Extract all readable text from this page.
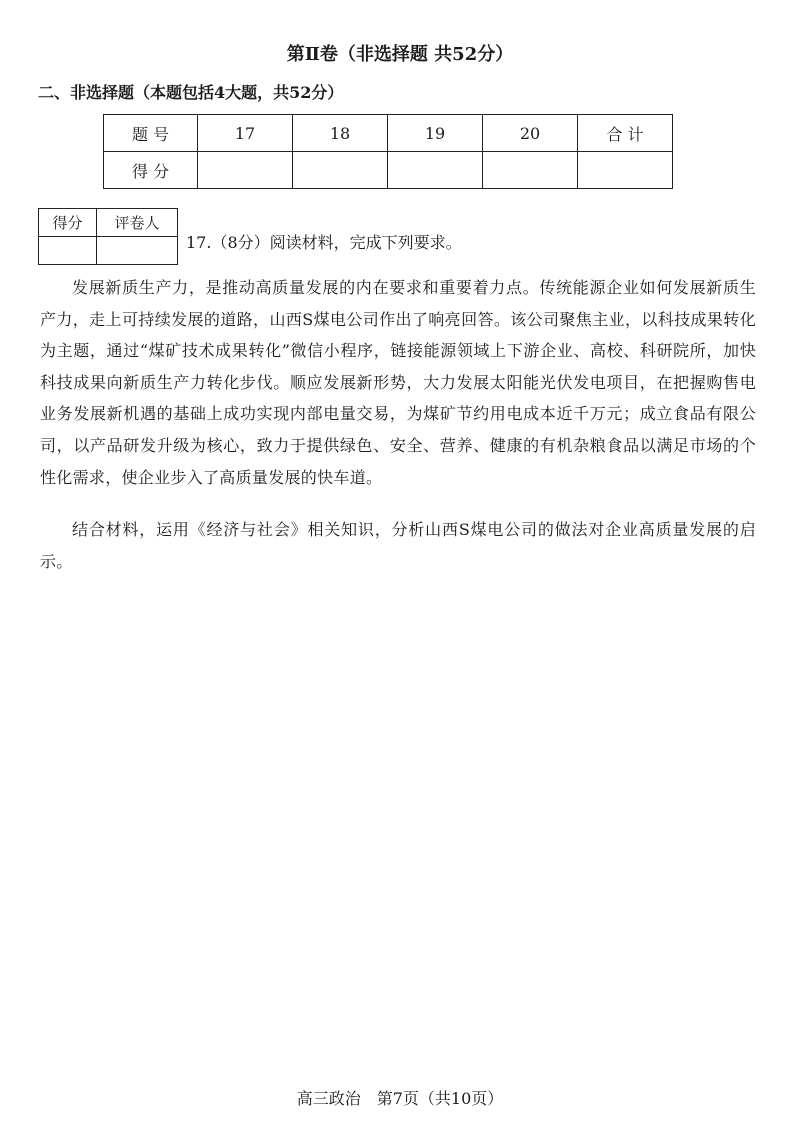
第Ⅱ卷（非选择题 共52分）
二、非选择题（本题包括4大题，共52分）
题 号	17	18	19	20	合 计
得 分					
得分	评卷人

17.（8分）阅读材料，完成下列要求。
发展新质生产力，是推动高质量发展的内在要求和重要着力点。传统能源企业如何发展新质生产力，走上可持续发展的道路，山西S煤电公司作出了响亮回答。该公司聚焦主业，以科技成果转化为主题，通过“煤矿技术成果转化”微信小程序，链接能源领域上下游企业、高校、科研院所，加快科技成果向新质生产力转化步伐。顺应发展新形势，大力发展太阳能光伏发电项目，在把握购售电业务发展新机遇的基础上成功实现内部电量交易，为煤矿节约用电成本近千万元；成立食品有限公司，以产品研发升级为核心，致力于提供绿色、安全、营养、健康的有机杂粮食品以满足市场的个性化需求，使企业步入了高质量发展的快车道。
结合材料，运用《经济与社会》相关知识，分析山西S煤电公司的做法对企业高质量发展的启示。
高三政治　第7页（共10页）
